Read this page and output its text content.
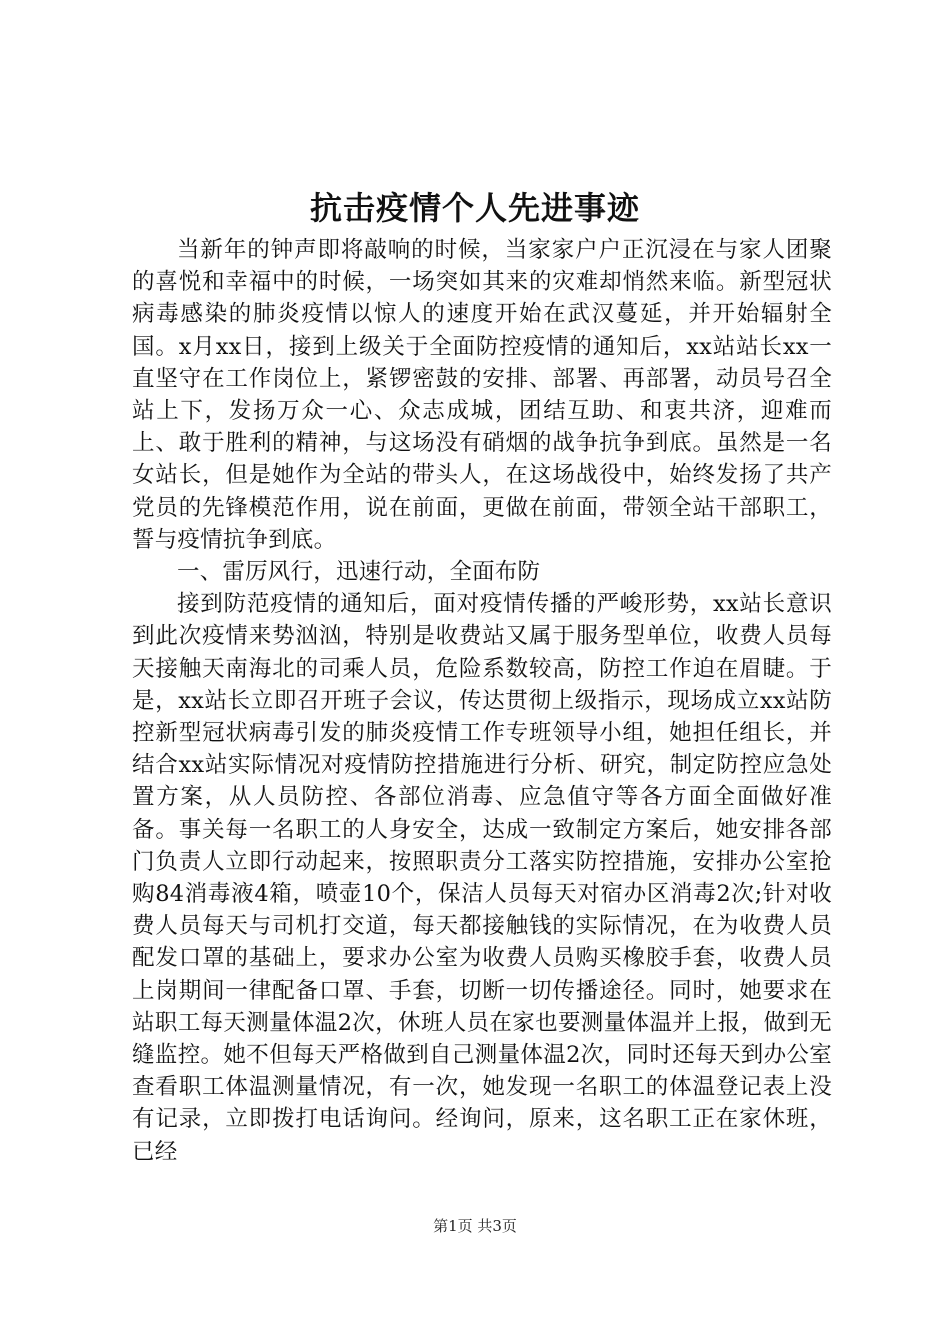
抗击疫情个人先进事迹

当新年的钟声即将敲响的时候，当家家户户正沉浸在与家人团聚的喜悦和幸福中的时候，一场突如其来的灾难却悄然来临。新型冠状病毒感染的肺炎疫情以惊人的速度开始在武汉蔓延，并开始辐射全国。x月xx日，接到上级关于全面防控疫情的通知后，xx站站长xx一直坚守在工作岗位上，紧锣密鼓的安排、部署、再部署，动员号召全站上下，发扬万众一心、众志成城，团结互助、和衷共济，迎难而上、敢于胜利的精神，与这场没有硝烟的战争抗争到底。虽然是一名女站长，但是她作为全站的带头人，在这场战役中，始终发扬了共产党员的先锋模范作用，说在前面，更做在前面，带领全站干部职工，誓与疫情抗争到底。

一、雷厉风行，迅速行动，全面布防

接到防范疫情的通知后，面对疫情传播的严峻形势，xx站长意识到此次疫情来势汹汹，特别是收费站又属于服务型单位，收费人员每天接触天南海北的司乘人员，危险系数较高，防控工作迫在眉睫。于是，xx站长立即召开班子会议，传达贯彻上级指示，现场成立xx站防控新型冠状病毒引发的肺炎疫情工作专班领导小组，她担任组长，并结合xx站实际情况对疫情防控措施进行分析、研究，制定防控应急处置方案，从人员防控、各部位消毒、应急值守等各方面全面做好准备。事关每一名职工的人身安全，达成一致制定方案后，她安排各部门负责人立即行动起来，按照职责分工落实防控措施，安排办公室抢购84消毒液4箱，喷壶10个，保洁人员每天对宿办区消毒2次;针对收费人员每天与司机打交道，每天都接触钱的实际情况，在为收费人员配发口罩的基础上，要求办公室为收费人员购买橡胶手套，收费人员上岗期间一律配备口罩、手套，切断一切传播途径。同时，她要求在站职工每天测量体温2次，休班人员在家也要测量体温并上报，做到无缝监控。她不但每天严格做到自己测量体温2次，同时还每天到办公室查看职工体温测量情况，有一次，她发现一名职工的体温登记表上没有记录，立即拨打电话询问。经询问，原来，这名职工正在家休班，已经

第1页 共3页
